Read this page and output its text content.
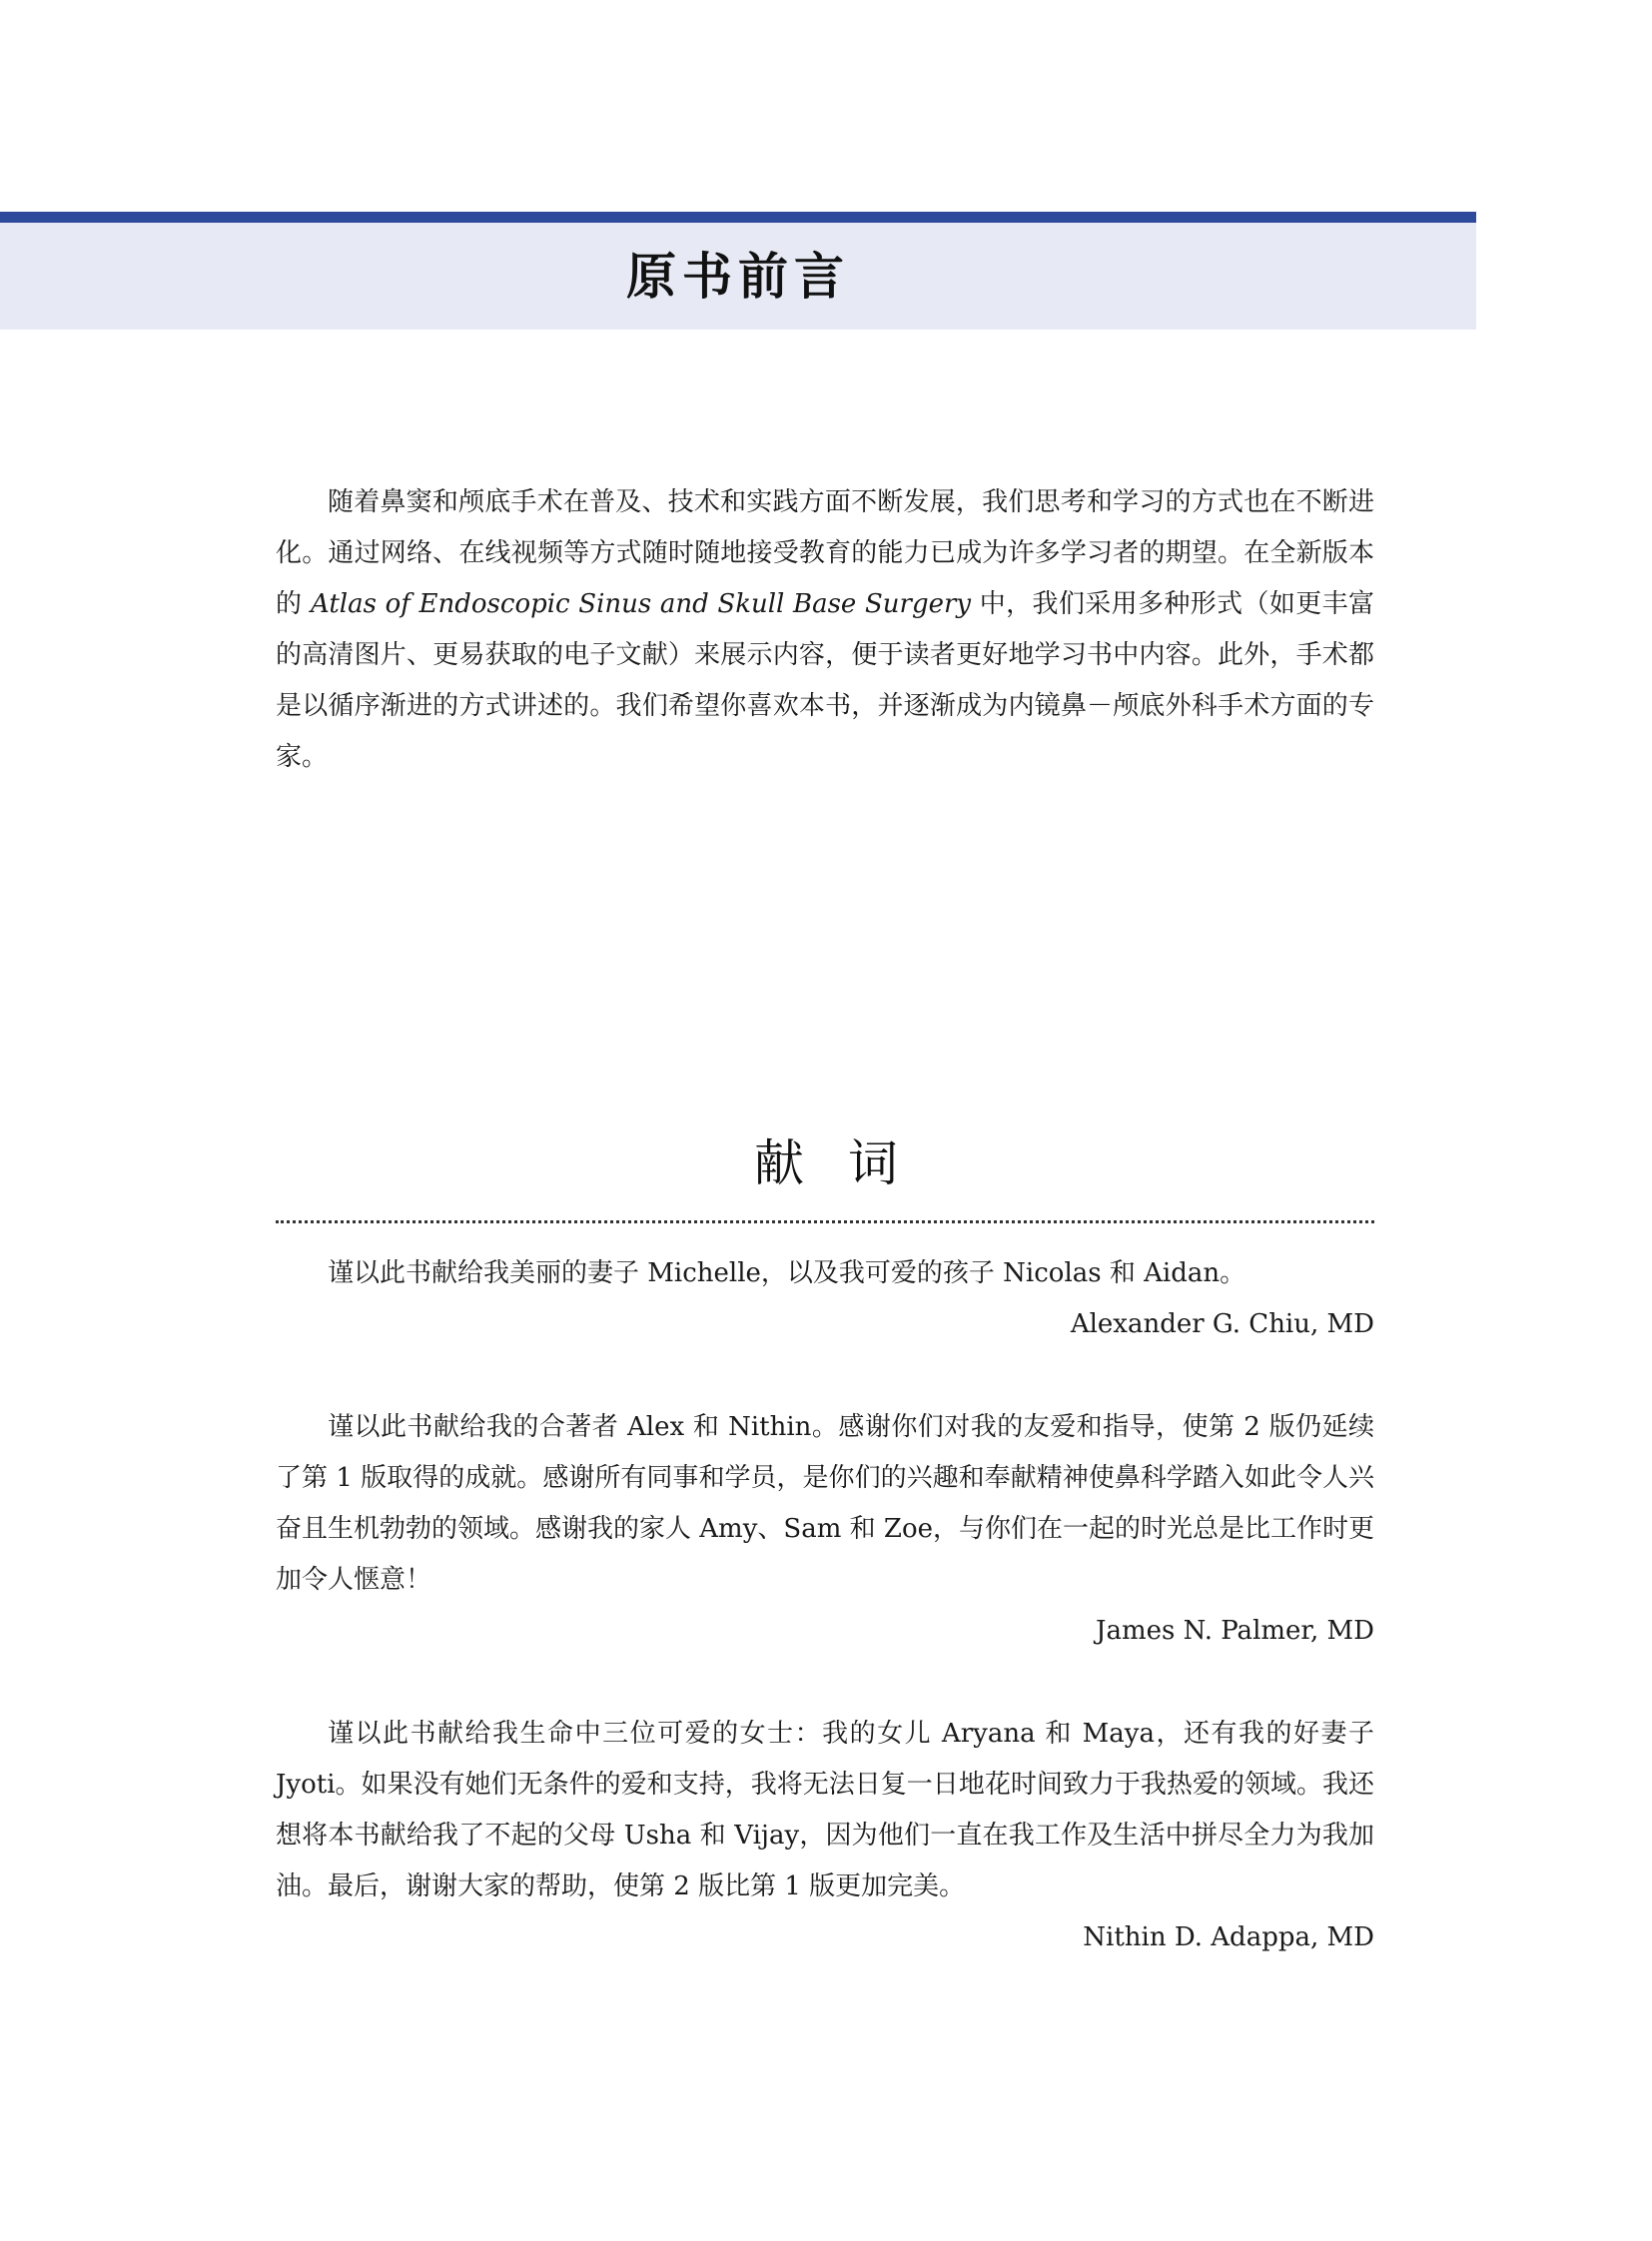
原书前言

随着鼻窦和颅底手术在普及、技术和实践方面不断发展，我们思考和学习的方式也在不断进化。通过网络、在线视频等方式随时随地接受教育的能力已成为许多学习者的期望。在全新版本的 Atlas of Endoscopic Sinus and Skull Base Surgery 中，我们采用多种形式（如更丰富的高清图片、更易获取的电子文献）来展示内容，便于读者更好地学习书中内容。此外，手术都是以循序渐进的方式讲述的。我们希望你喜欢本书，并逐渐成为内镜鼻－颅底外科手术方面的专家。

献词

谨以此书献给我美丽的妻子 Michelle，以及我可爱的孩子 Nicolas 和 Aidan。

Alexander G. Chiu, MD

谨以此书献给我的合著者 Alex 和 Nithin。感谢你们对我的友爱和指导，使第 2 版仍延续了第 1 版取得的成就。感谢所有同事和学员，是你们的兴趣和奉献精神使鼻科学踏入如此令人兴奋且生机勃勃的领域。感谢我的家人 Amy、Sam 和 Zoe，与你们在一起的时光总是比工作时更加令人惬意！

James N. Palmer, MD

谨以此书献给我生命中三位可爱的女士：我的女儿 Aryana 和 Maya，还有我的好妻子 Jyoti。如果没有她们无条件的爱和支持，我将无法日复一日地花时间致力于我热爱的领域。我还想将本书献给我了不起的父母 Usha 和 Vijay，因为他们一直在我工作及生活中拼尽全力为我加油。最后，谢谢大家的帮助，使第 2 版比第 1 版更加完美。

Nithin D. Adappa, MD
